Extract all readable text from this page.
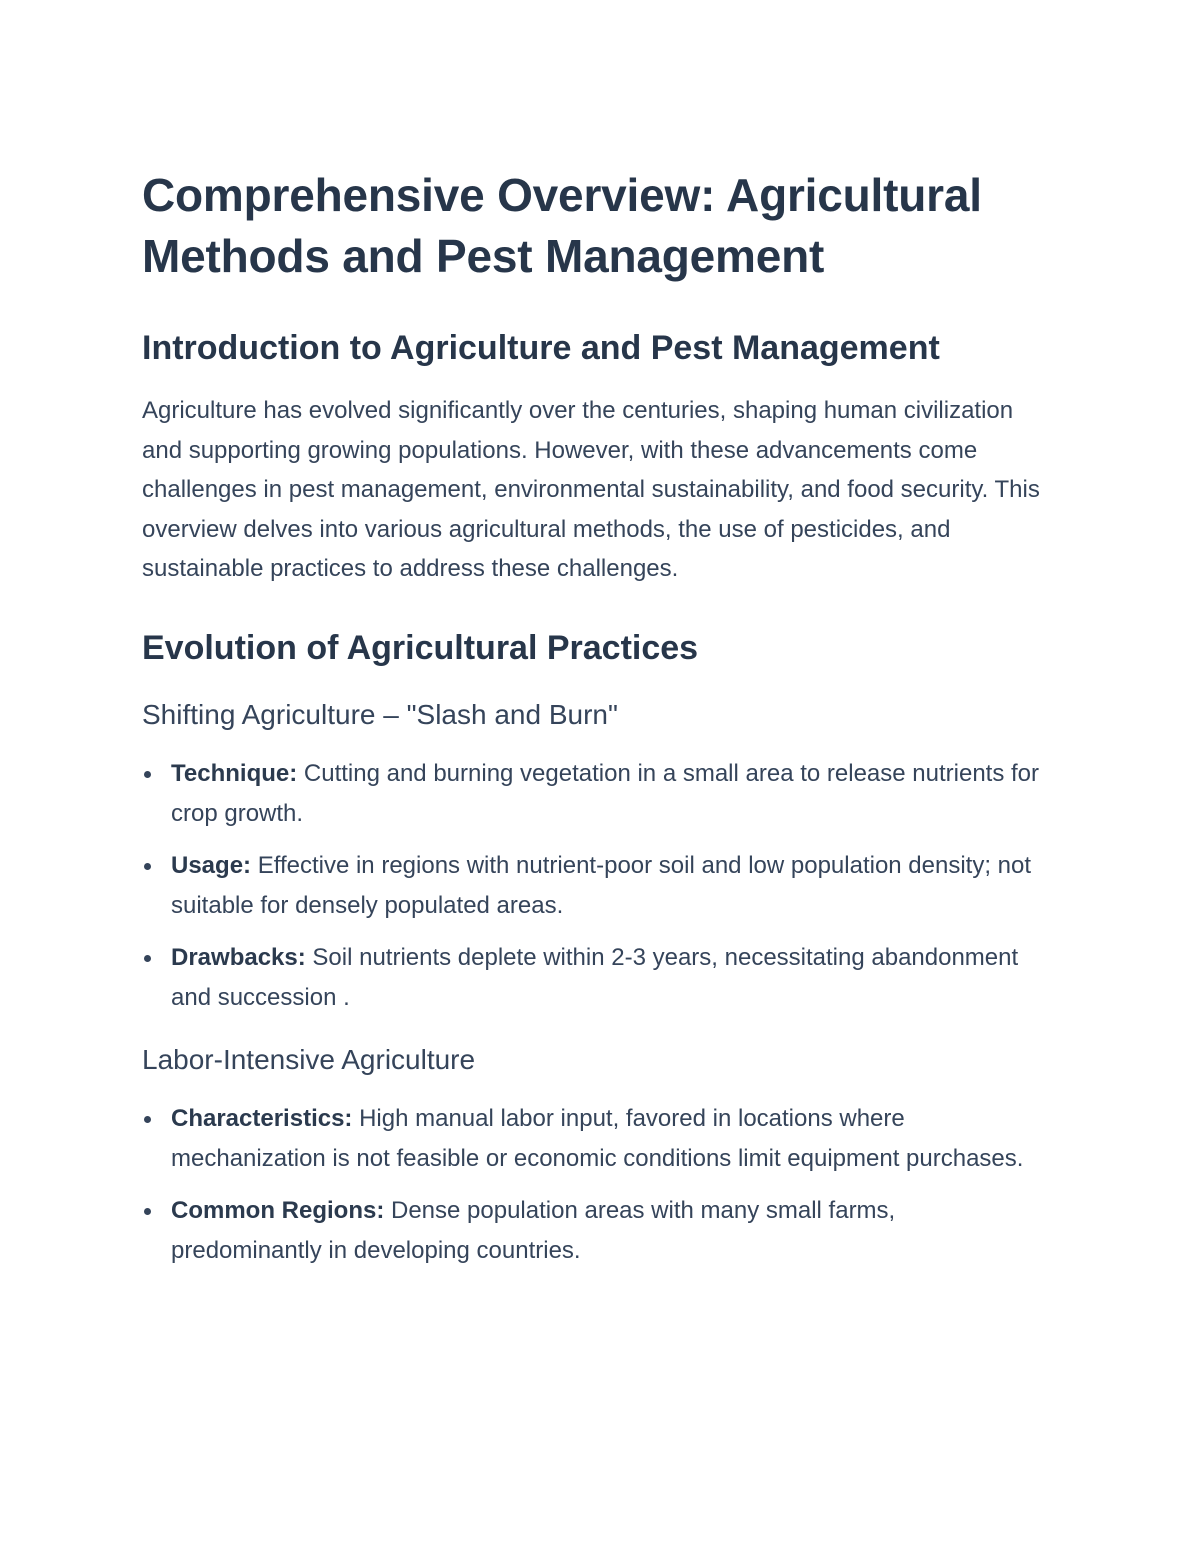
Comprehensive Overview: Agricultural Methods and Pest Management
Introduction to Agriculture and Pest Management

Agriculture has evolved significantly over the centuries, shaping human civilization and supporting growing populations. However, with these advancements come challenges in pest management, environmental sustainability, and food security. This overview delves into various agricultural methods, the use of pesticides, and sustainable practices to address these challenges.

Evolution of Agricultural Practices
Shifting Agriculture – "Slash and Burn"
Technique: Cutting and burning vegetation in a small area to release nutrients for crop growth.
Usage: Effective in regions with nutrient-poor soil and low population density; not suitable for densely populated areas.
Drawbacks: Soil nutrients deplete within 2-3 years, necessitating abandonment and succession .
Labor-Intensive Agriculture
Characteristics: High manual labor input, favored in locations where mechanization is not feasible or economic conditions limit equipment purchases.
Common Regions: Dense population areas with many small farms, predominantly in developing countries.
